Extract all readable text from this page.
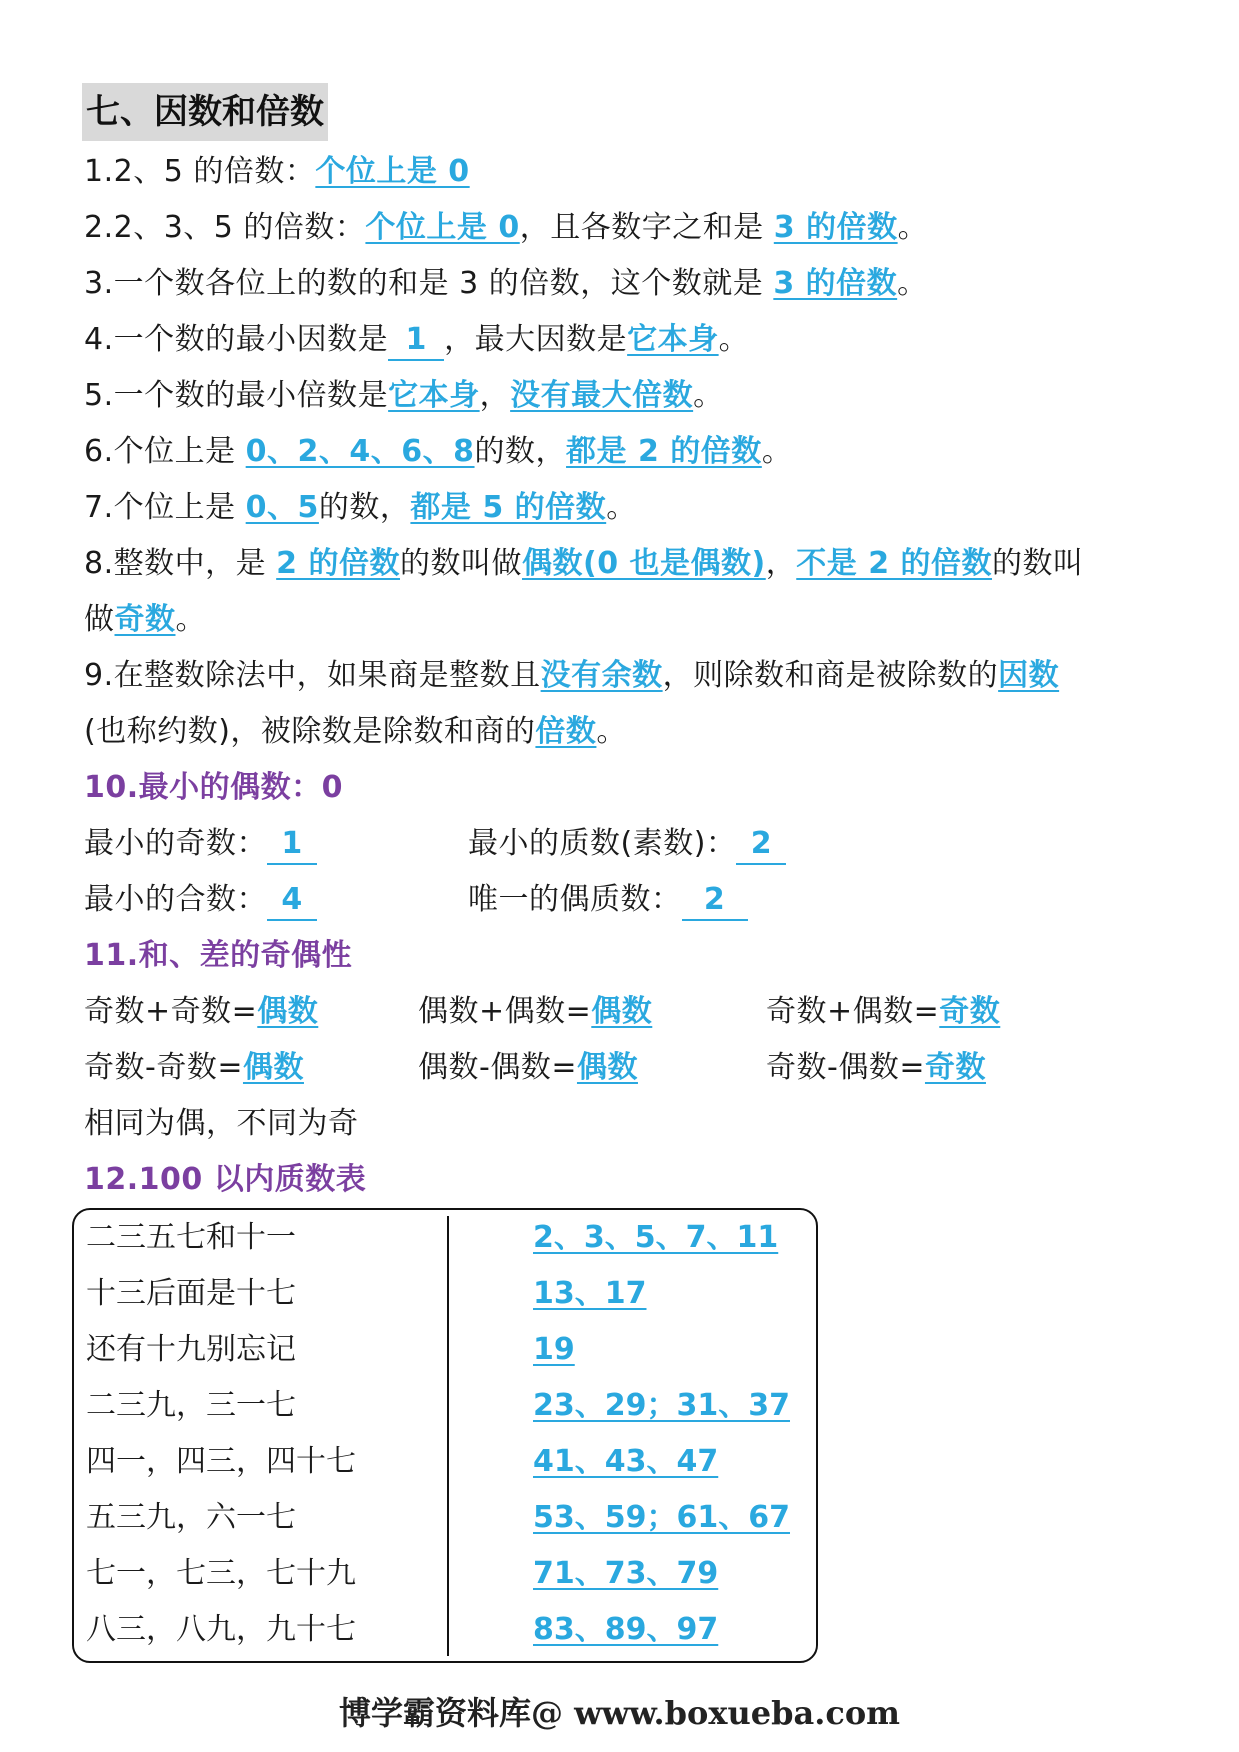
七、因数和倍数
1.2、5 的倍数：个位上是 0
2.2、3、5 的倍数：个位上是 0，且各数字之和是 3 的倍数。
3.一个数各位上的数的和是 3 的倍数，这个数就是 3 的倍数。
4.一个数的最小因数是 1 ，最大因数是它本身。
5.一个数的最小倍数是它本身，没有最大倍数。
6.个位上是 0、2、4、6、8的数，都是 2 的倍数。
7.个位上是 0、5的数，都是 5 的倍数。
8.整数中，是 2 的倍数的数叫做偶数(0 也是偶数)，不是 2 的倍数的数叫
做奇数。
9.在整数除法中，如果商是整数且没有余数，则除数和商是被除数的因数
(也称约数)，被除数是除数和商的倍数。
10.最小的偶数：0
最小的奇数： 1	最小的质数(素数)： 2
最小的合数： 4	唯一的偶质数： 2
11.和、差的奇偶性
奇数+奇数=偶数	偶数+偶数=偶数	奇数+偶数=奇数
奇数-奇数=偶数	偶数-偶数=偶数	奇数-偶数=奇数
相同为偶，不同为奇
12.100 以内质数表
二三五七和十一	2、3、5、7、11
十三后面是十七	13、17
还有十九别忘记	19
二三九，三一七	23、29；31、37
四一，四三，四十七	41、43、47
五三九，六一七	53、59；61、67
七一，七三，七十九	71、73、79
八三，八九，九十七	83、89、97
博学霸资料库@ www.boxueba.com
